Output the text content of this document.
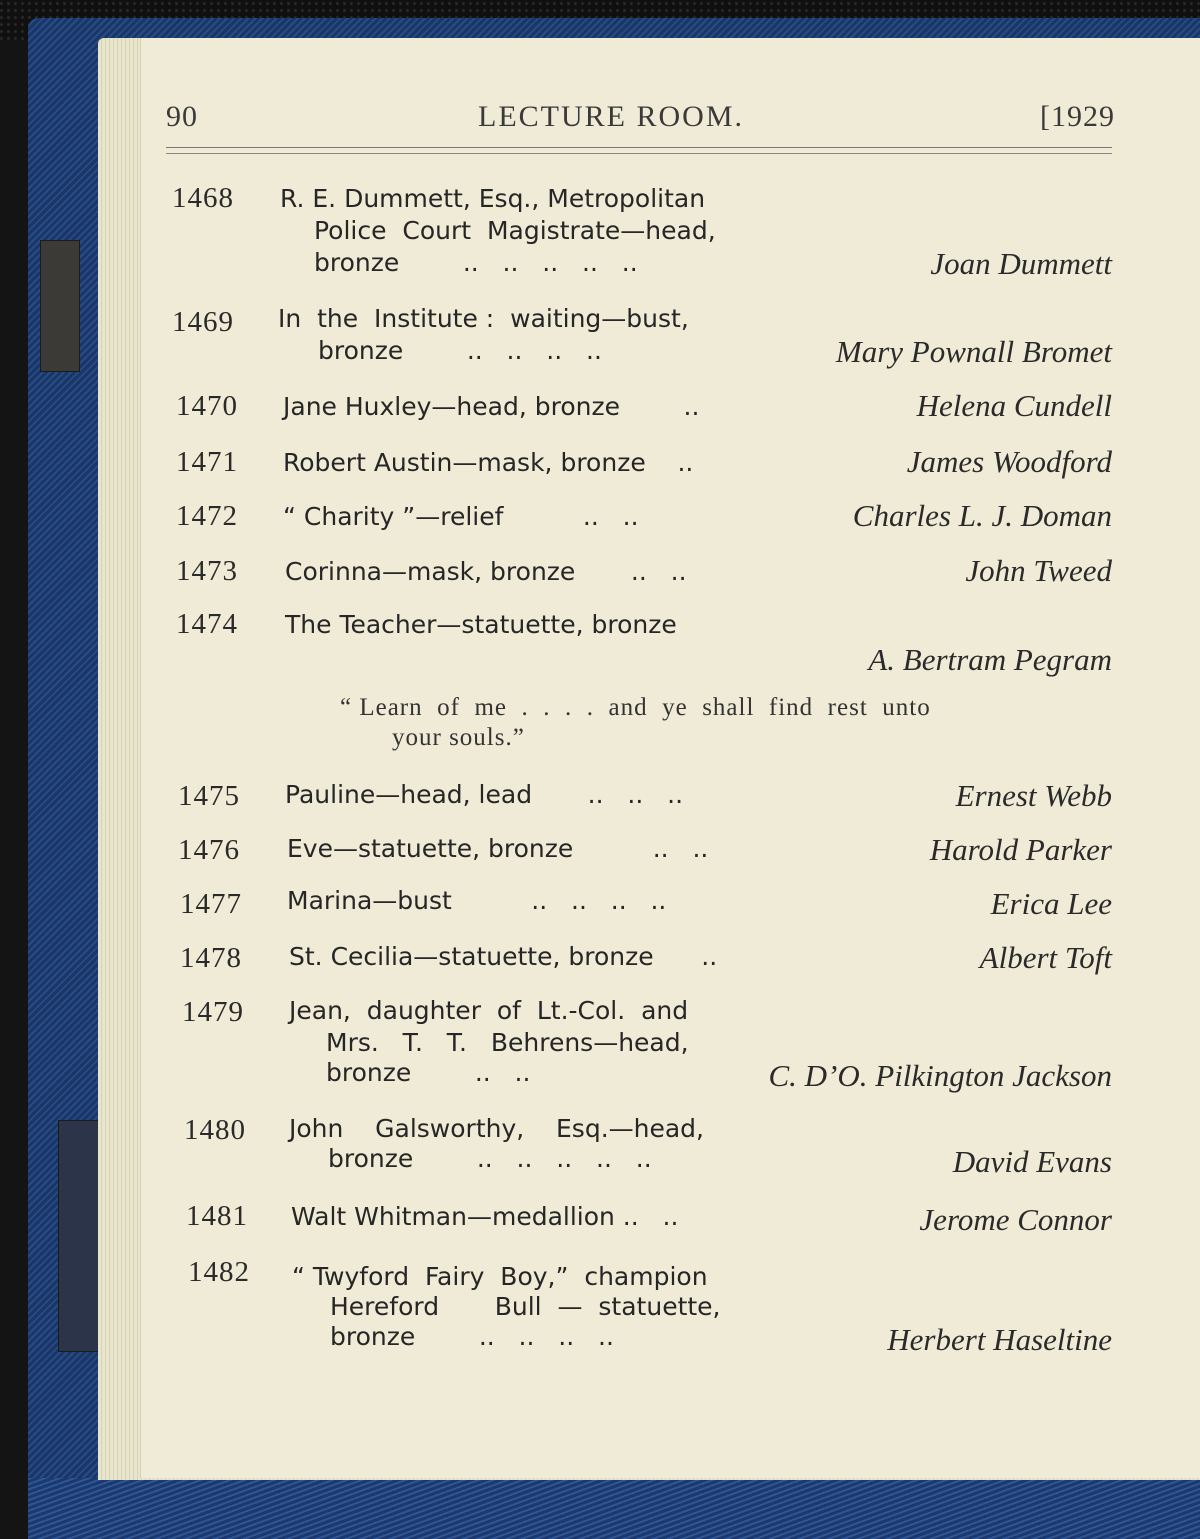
90	LECTURE ROOM.	[1929
1468 R. E. Dummett, Esq., Metropolitan
Police  Court  Magistrate—head,
bronze        ..   ..   ..   ..   ..	Joan Dummett
1469 In  the  Institute :  waiting—bust,
bronze        ..   ..   ..   ..	Mary Pownall Bromet
1470 Jane Huxley—head, bronze        ..	Helena Cundell
1471 Robert Austin—mask, bronze    ..	James Woodford
1472 “ Charity ”—relief          ..   ..	Charles L. J. Doman
1473 Corinna—mask, bronze       ..   ..	John Tweed
1474 The Teacher—statuette, bronze
A. Bertram Pegram
“ Learn  of  me  .  .  .  .  and  ye  shall  find  rest  unto
your souls.”
1475 Pauline—head, lead       ..   ..   ..	Ernest Webb
1476 Eve—statuette, bronze          ..   ..	Harold Parker
1477 Marina—bust          ..   ..   ..   ..	Erica Lee
1478 St. Cecilia—statuette, bronze      ..	Albert Toft
1479 Jean,  daughter  of  Lt.-Col.  and
Mrs.   T.   T.   Behrens—head,
bronze        ..   ..	C. D’O. Pilkington Jackson
1480 John    Galsworthy,    Esq.—head,
bronze        ..   ..   ..   ..   ..	David Evans
1481 Walt Whitman—medallion ..   ..	Jerome Connor
1482 “ Twyford  Fairy  Boy,”  champion
Hereford       Bull  —  statuette,
bronze        ..   ..   ..   ..	Herbert Haseltine
